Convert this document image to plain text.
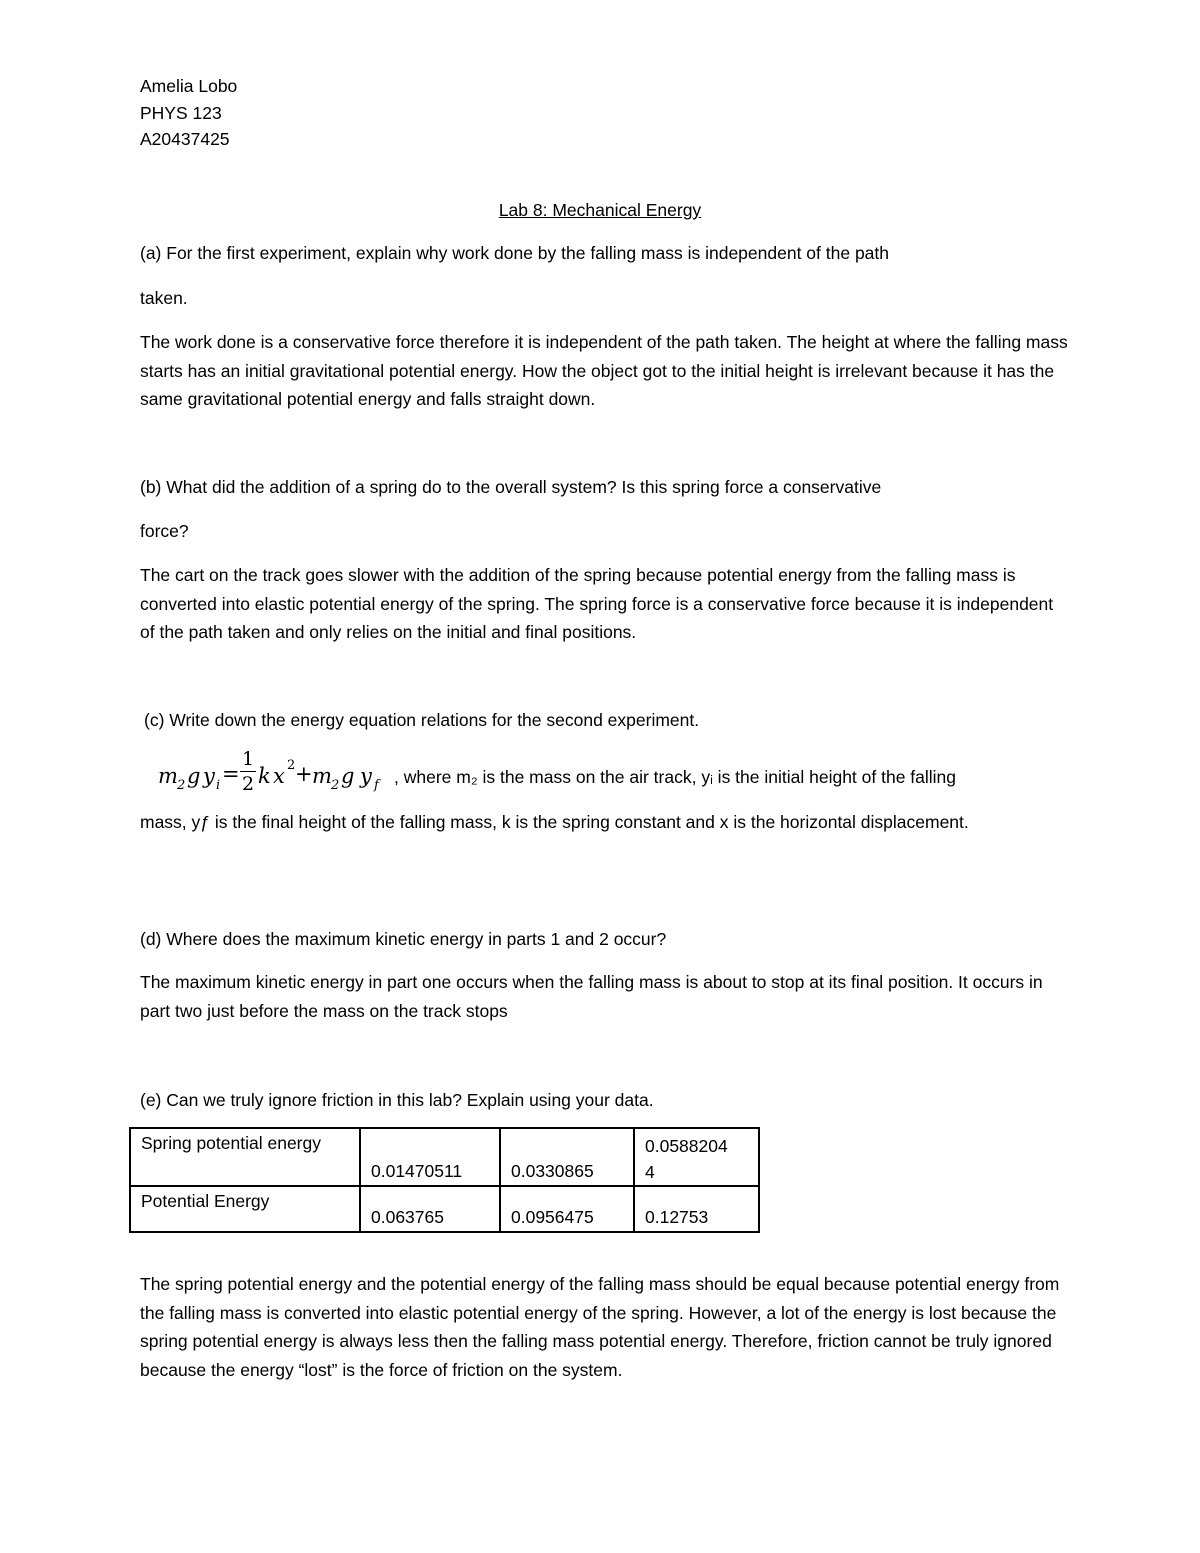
Amelia Lobo
PHYS 123
A20437425
Lab 8: Mechanical Energy
(a) For the first experiment, explain why work done by the falling mass is independent of the path
taken.
The work done is a conservative force therefore it is independent of the path taken. The height at where the falling mass starts has an initial gravitational potential energy. How the object got to the initial height is irrelevant because it has the same gravitational potential energy and falls straight down.
(b) What did the addition of a spring do to the overall system? Is this spring force a conservative
force?
The cart on the track goes slower with the addition of the spring because potential energy from the falling mass is converted into elastic potential energy of the spring. The spring force is a conservative force because it is independent of the path taken and only relies on the initial and final positions.
(c) Write down the energy equation relations for the second experiment.
m 2 g y i =
1
2 k x 2 + m 2 g y f , where m₂ is the mass on the air track, yᵢ is the initial height of the falling
mass, yƒ is the final height of the falling mass, k is the spring constant and x is the horizontal displacement.
(d) Where does the maximum kinetic energy in parts 1 and 2 occur?
The maximum kinetic energy in part one occurs when the falling mass is about to stop at its final position. It occurs in part two just before the mass on the track stops
(e) Can we truly ignore friction in this lab? Explain using your data.
Spring potential energy	0.01470511	0.0330865	0.0588204
4
Potential Energy	0.063765	0.0956475	0.12753
The spring potential energy and the potential energy of the falling mass should be equal because potential energy from the falling mass is converted into elastic potential energy of the spring. However, a lot of the energy is lost because the spring potential energy is always less then the falling mass potential energy. Therefore, friction cannot be truly ignored because the energy “lost” is the force of friction on the system.
